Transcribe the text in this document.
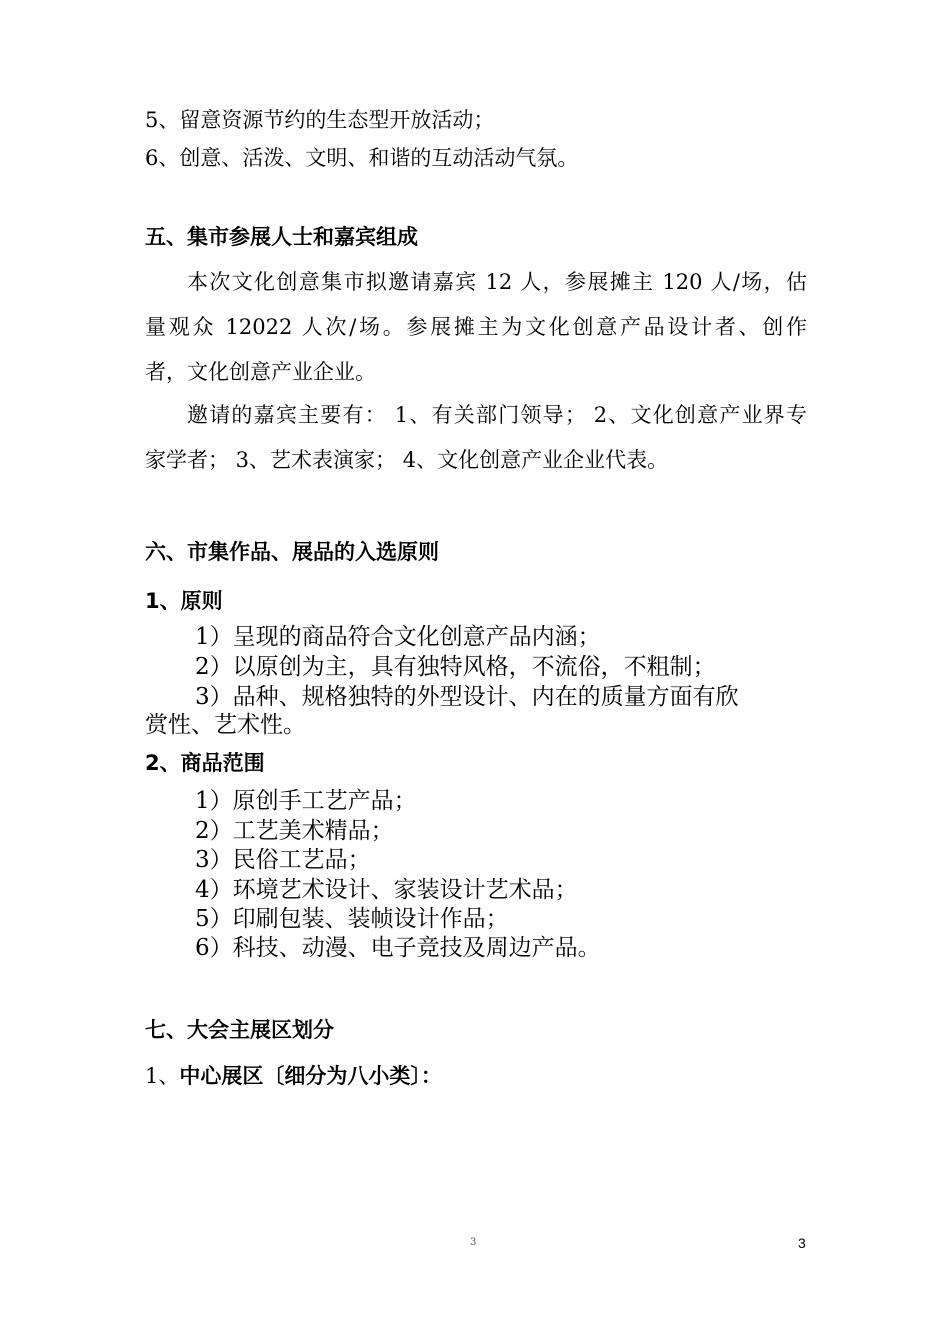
5、留意资源节约的生态型开放活动；
6、创意、活泼、文明、和谐的互动活动气氛。
五、集市参展人士和嘉宾组成
本次文化创意集市拟邀请嘉宾 12 人，参展摊主 120 人/场，估
量观众 12022 人次/场。参展摊主为文化创意产品设计者、创作
者，文化创意产业企业。
邀请的嘉宾主要有： 1、有关部门领导； 2、文化创意产业界专
家学者； 3、艺术表演家； 4、文化创意产业企业代表。
六、市集作品、展品的入选原则
1、原则
1）呈现的商品符合文化创意产品内涵；
2）以原创为主，具有独特风格，不流俗，不粗制；
3）品种、规格独特的外型设计、内在的质量方面有欣
赏性、艺术性。
2、商品范围
1）原创手工艺产品；
2）工艺美术精品；
3）民俗工艺品；
4）环境艺术设计、家装设计艺术品；
5）印刷包装、装帧设计作品；
6）科技、动漫、电子竞技及周边产品。
七、大会主展区划分
1、中心展区〔细分为八小类〕：
3	3
